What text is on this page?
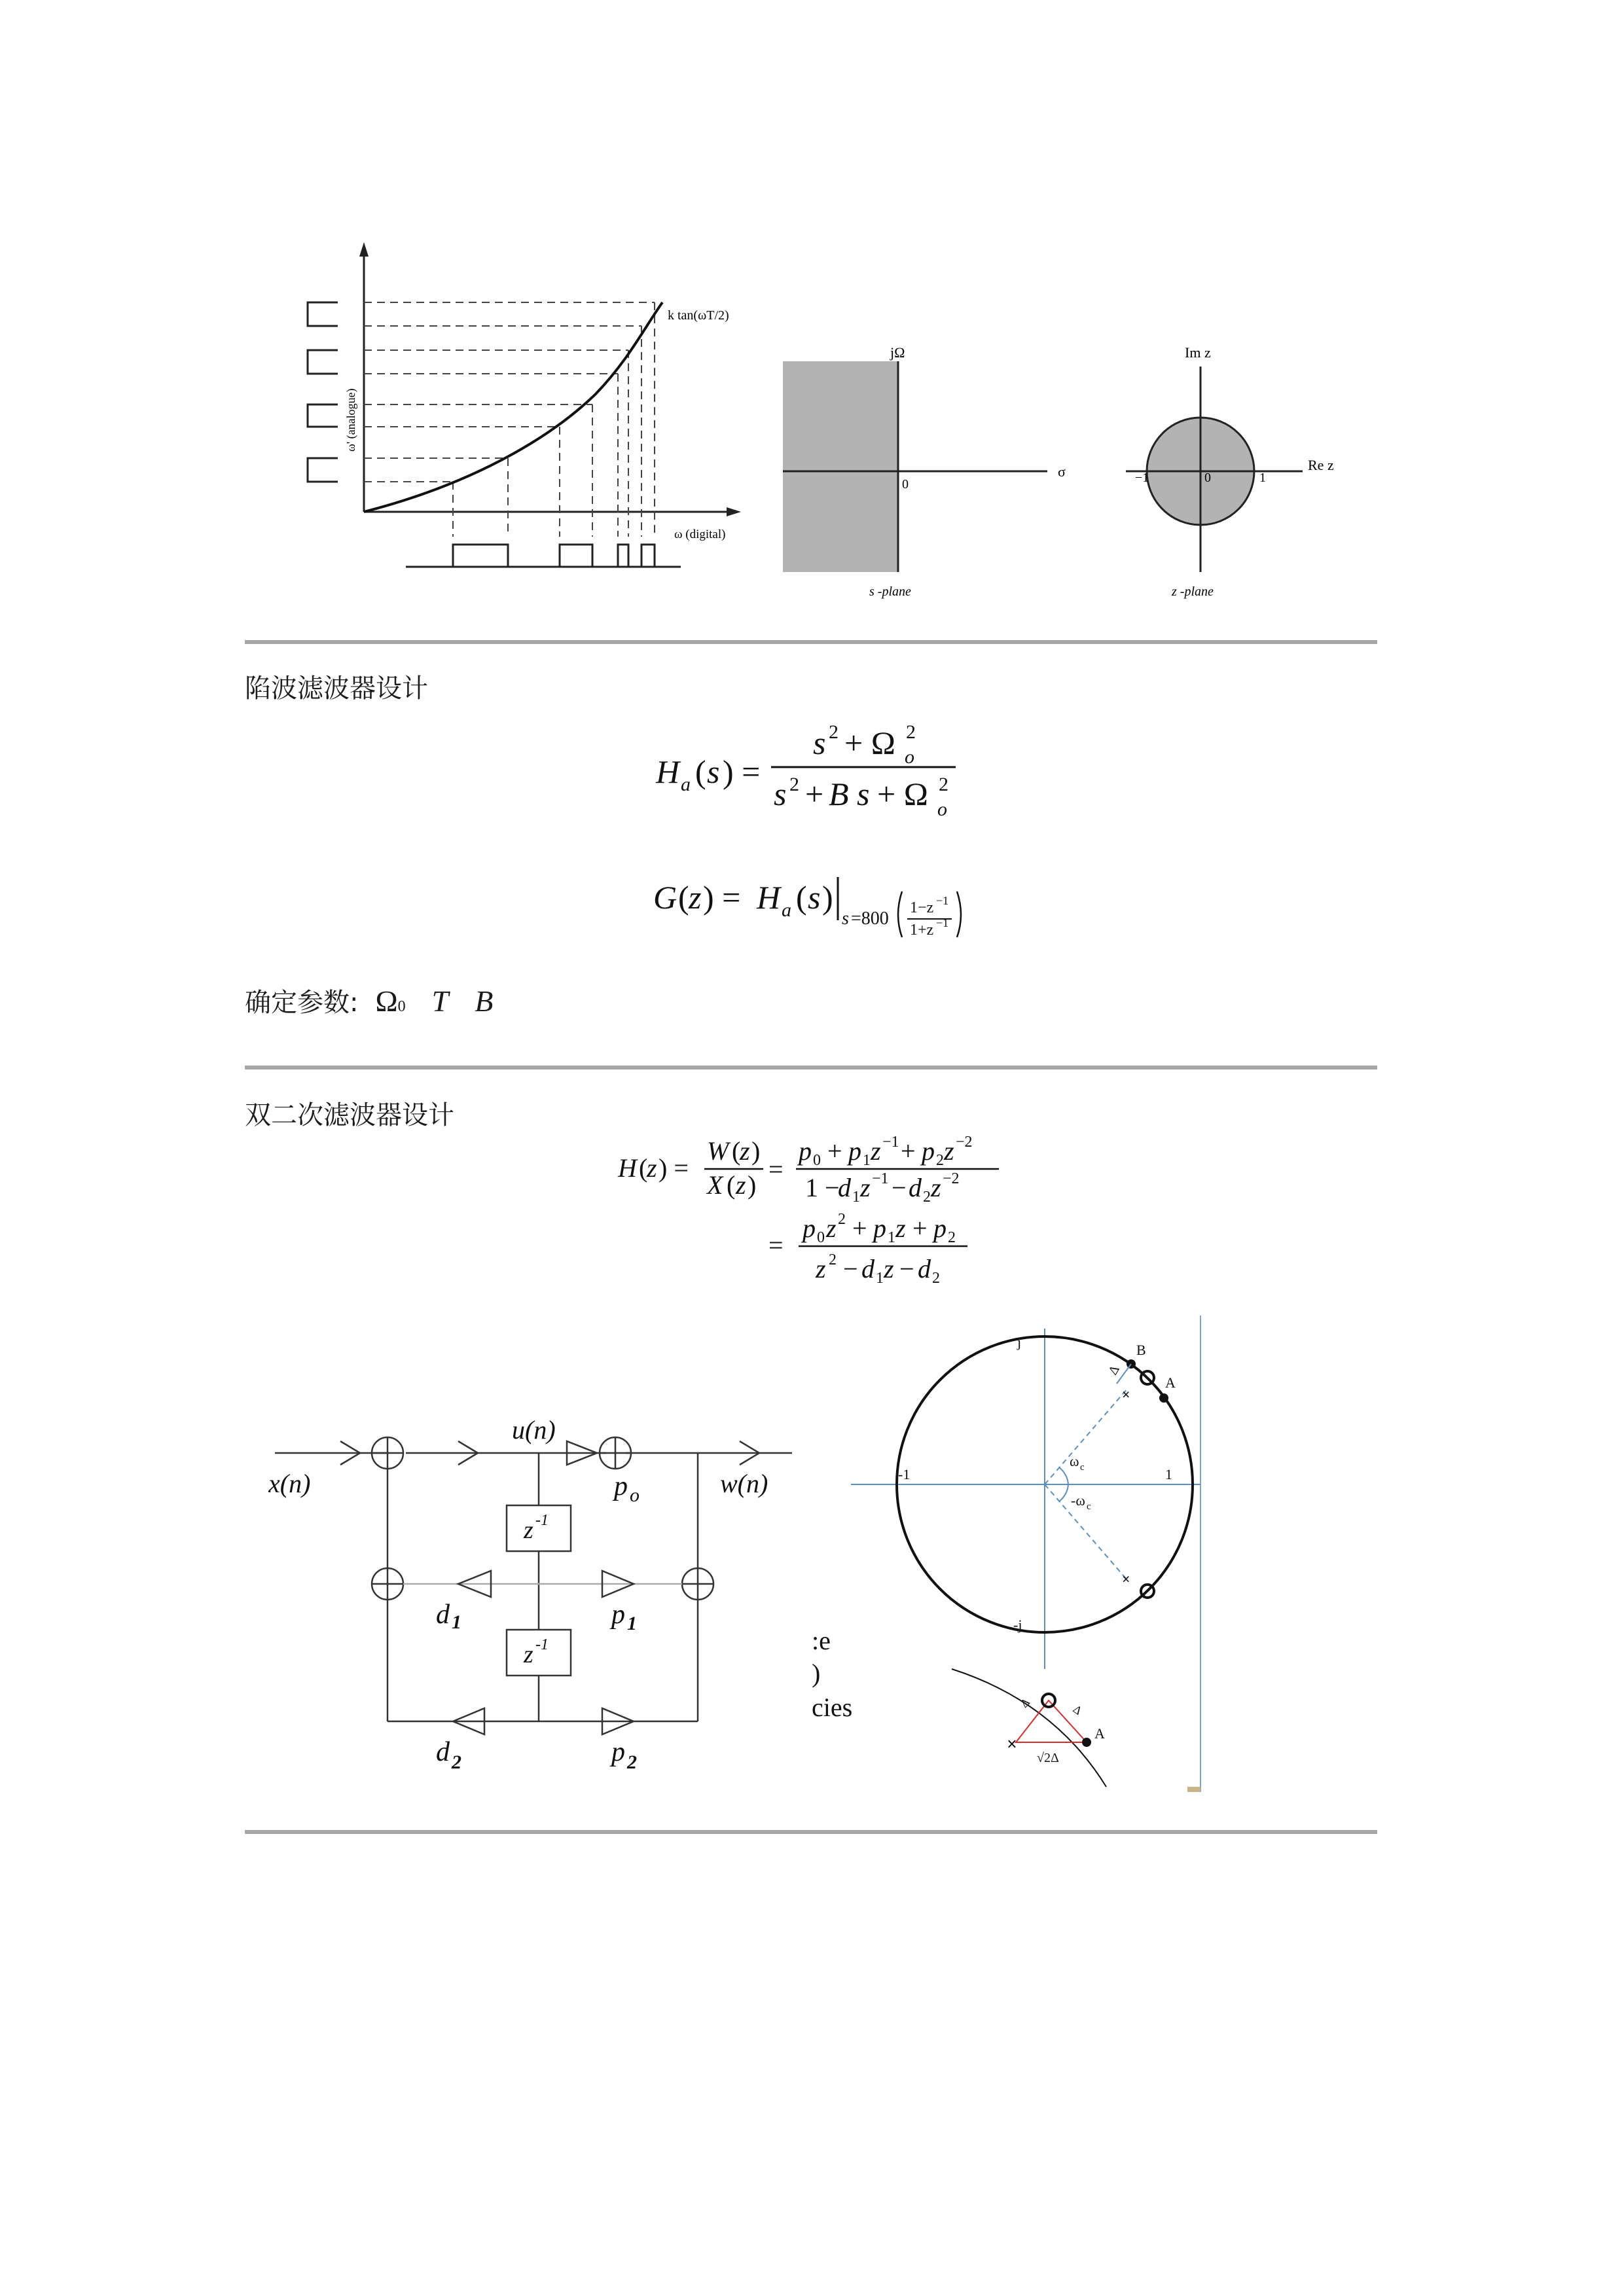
k tan(ωT/2)
ω' (analogue)
ω (digital)
jΩ
σ
0
s -plane
Im z
Re z
−1	0	1
z -plane
陷波滤波器设计
H a ( s ) =
s 2 + Ω 2
o
s 2 + B s + Ω 2
o
G ( z ) = H a ( s )
s =800
1−z −1
1+z −1
确定参数: Ω 0 T B
双二次滤波器设计
H (
z ) =
W (
z )
X ( z )
=
p 0 + p 1 z −1 + p 2 z −2
1 −
d 1 z −1 − d 2 z −2
=
p 0 z 2 + p 1 z + p 2
z 2 − d 1 z − d 2
z -1
z -1
x(n)	w(n)
u(n)
p o
p 1
d 1
p 2
d 2
×
×
j
-j
-1	1
B
A
Δ
ω c
-ω c
:e
)
cies
×
Δ	Δ
A
√2Δ
